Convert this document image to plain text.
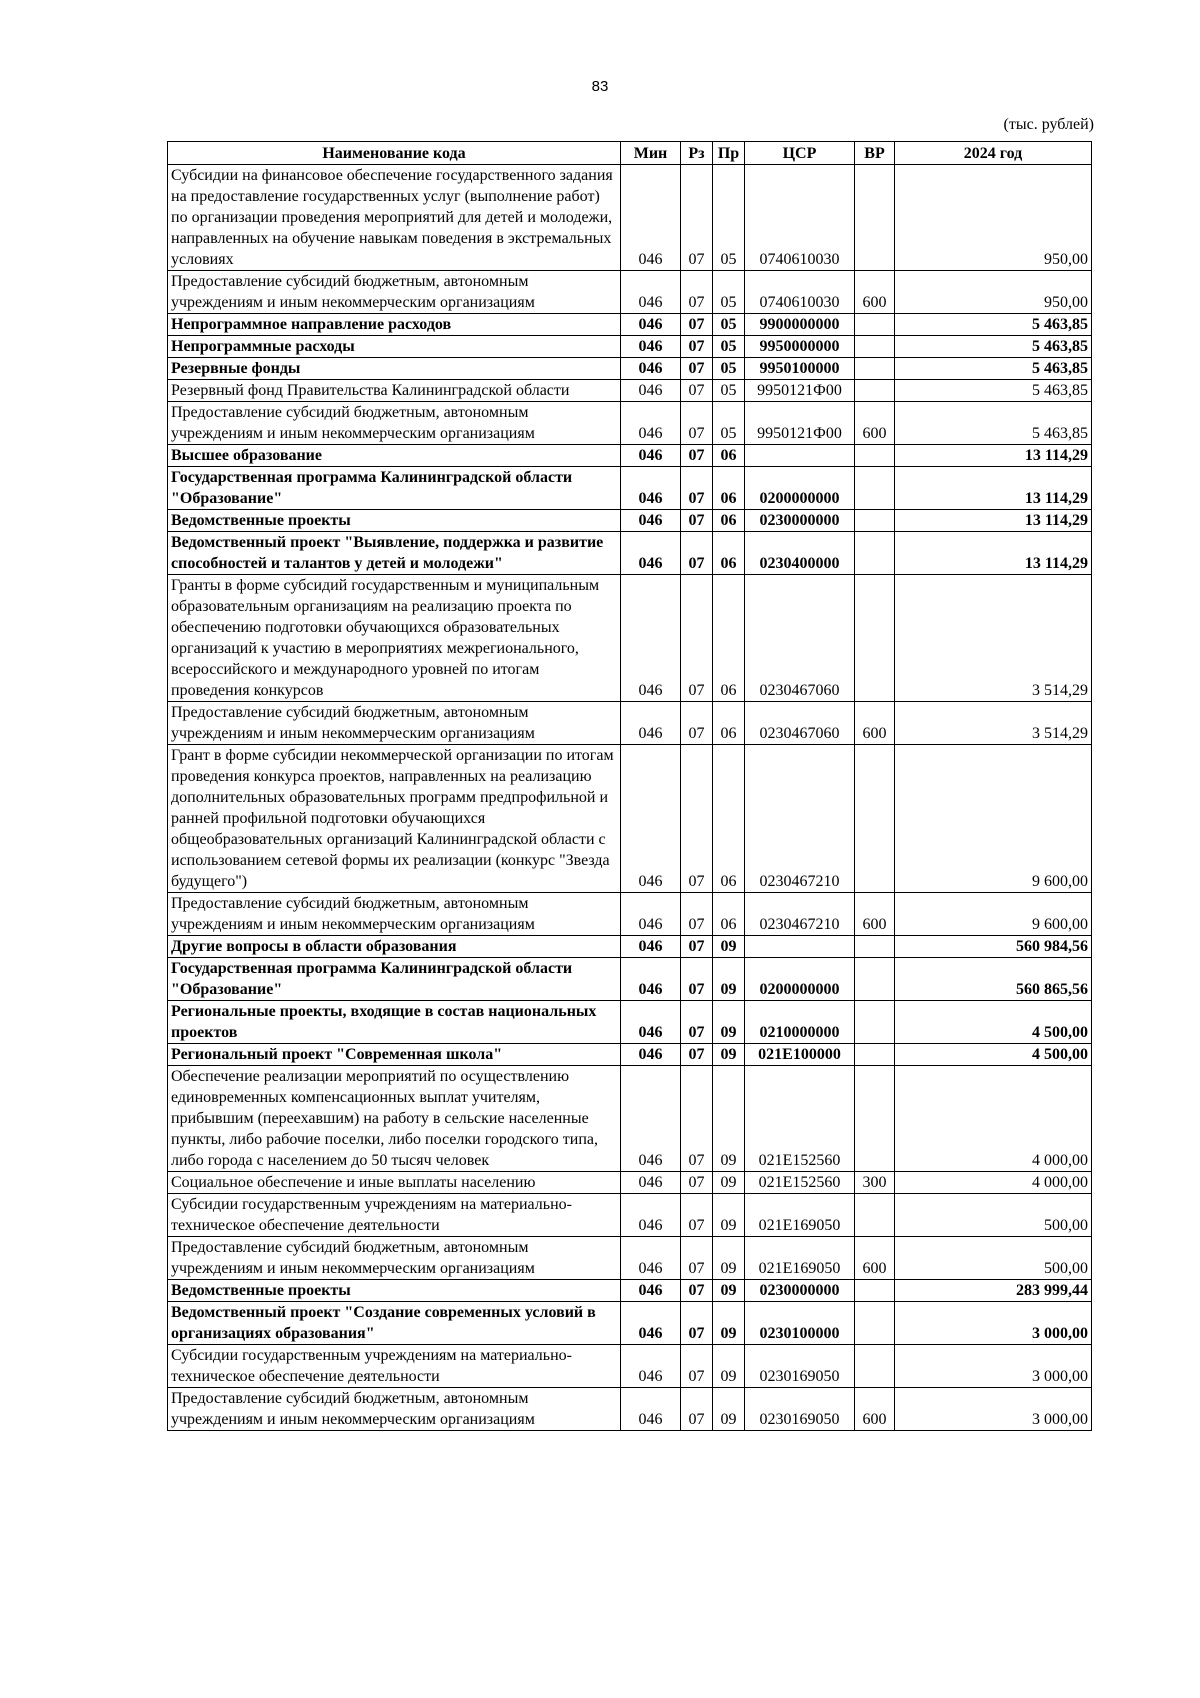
83
(тыс. рублей)
Наименование кода	Мин	Рз	Пр	ЦСР	ВР	2024 год
Субсидии на финансовое обеспечение государственного задания на предоставление государственных услуг (выполнение работ) по организации проведения мероприятий для детей и молодежи, направленных на обучение навыкам поведения в экстремальных условиях	046	07	05	0740610030		950,00
Предоставление субсидий бюджетным, автономным учреждениям и иным некоммерческим организациям	046	07	05	0740610030	600	950,00
Непрограммное направление расходов	046	07	05	9900000000		5 463,85
Непрограммные расходы	046	07	05	9950000000		5 463,85
Резервные фонды	046	07	05	9950100000		5 463,85
Резервный фонд Правительства Калининградской области	046	07	05	9950121Ф00		5 463,85
Предоставление субсидий бюджетным, автономным учреждениям и иным некоммерческим организациям	046	07	05	9950121Ф00	600	5 463,85
Высшее образование	046	07	06			13 114,29
Государственная программа Калининградской области "Образование"	046	07	06	0200000000		13 114,29
Ведомственные проекты	046	07	06	0230000000		13 114,29
Ведомственный проект "Выявление, поддержка и развитие способностей и талантов у детей и молодежи"	046	07	06	0230400000		13 114,29
Гранты в форме субсидий государственным и муниципальным образовательным организациям на реализацию проекта по обеспечению подготовки обучающихся образовательных организаций к участию в мероприятиях межрегионального, всероссийского и международного уровней по итогам проведения конкурсов	046	07	06	0230467060		3 514,29
Предоставление субсидий бюджетным, автономным учреждениям и иным некоммерческим организациям	046	07	06	0230467060	600	3 514,29
Грант в форме субсидии некоммерческой организации по итогам проведения конкурса проектов, направленных на реализацию дополнительных образовательных программ предпрофильной и ранней профильной подготовки обучающихся общеобразовательных организаций Калининградской области с использованием сетевой формы их реализации (конкурс "Звезда будущего")	046	07	06	0230467210		9 600,00
Предоставление субсидий бюджетным, автономным учреждениям и иным некоммерческим организациям	046	07	06	0230467210	600	9 600,00
Другие вопросы в области образования	046	07	09			560 984,56
Государственная программа Калининградской области "Образование"	046	07	09	0200000000		560 865,56
Региональные проекты, входящие в состав национальных проектов	046	07	09	0210000000		4 500,00
Региональный проект "Современная школа"	046	07	09	021E100000		4 500,00
Обеспечение реализации мероприятий по осуществлению единовременных компенсационных выплат учителям, прибывшим (переехавшим) на работу в сельские населенные пункты, либо рабочие поселки, либо поселки городского типа, либо города с населением до 50 тысяч человек	046	07	09	021E152560		4 000,00
Социальное обеспечение и иные выплаты населению	046	07	09	021E152560	300	4 000,00
Субсидии государственным учреждениям на материально-техническое обеспечение деятельности	046	07	09	021E169050		500,00
Предоставление субсидий бюджетным, автономным учреждениям и иным некоммерческим организациям	046	07	09	021E169050	600	500,00
Ведомственные проекты	046	07	09	0230000000		283 999,44
Ведомственный проект "Создание современных условий в организациях образования"	046	07	09	0230100000		3 000,00
Субсидии государственным учреждениям на материально-техническое обеспечение деятельности	046	07	09	0230169050		3 000,00
Предоставление субсидий бюджетным, автономным учреждениям и иным некоммерческим организациям	046	07	09	0230169050	600	3 000,00
